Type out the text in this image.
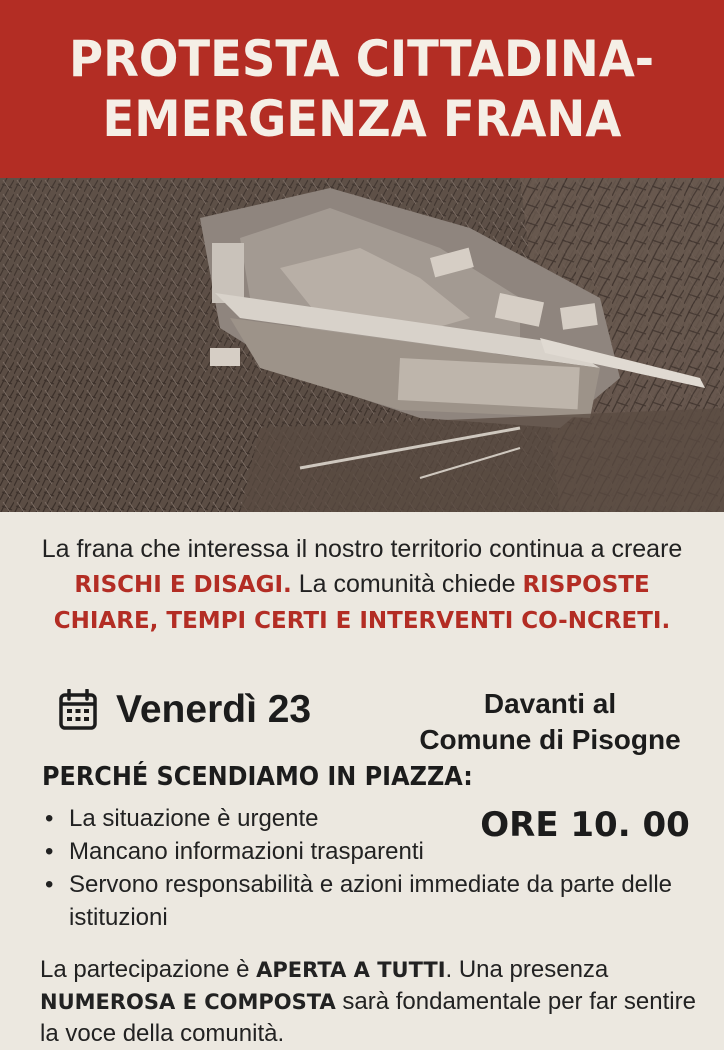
PROTESTA CITTADINA-
EMERGENZA FRANA
La frana che interessa il nostro territorio continua a creare RISCHI E DISAGI. La comunità chiede RISPOSTE CHIARE, TEMPI CERTI E INTERVENTI CO-NCRETI.
Venerdì 23	Davanti al
Comune di Pisogne
PERCHÉ SCENDIAMO IN PIAZZA:
• La situazione è urgente
• Mancano informazioni trasparenti
• Servono responsabilità e azioni immediate da parte delle istituzioni
ORE 10. 00
La partecipazione è APERTA A TUTTI. Una presenza NUMEROSA E COMPOSTA sarà fondamentale per far sentire la voce della comunità.
